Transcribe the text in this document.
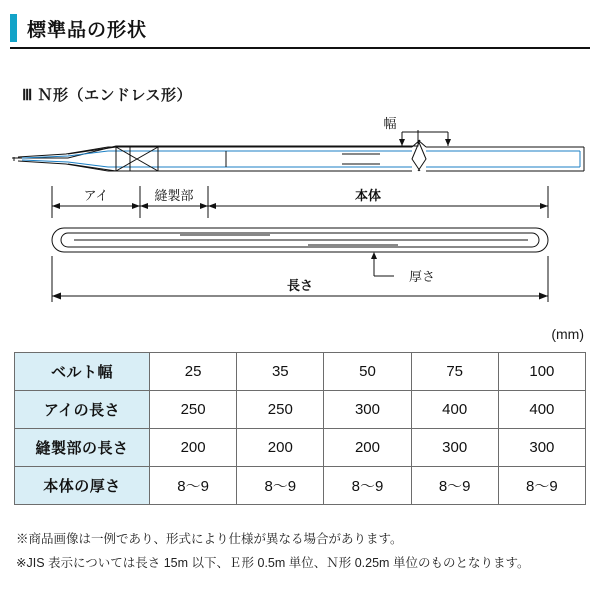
標準品の形状
Ⅲ Ｎ形（エンドレス形）
幅
アイ	縫製部	本体
厚さ
長さ
(mm)
ベルト幅	25	35	50	75	100
アイの長さ	250	250	300	400	400
縫製部の長さ	200	200	200	300	300
本体の厚さ	8～9	8～9	8～9	8～9	8～9
※商品画像は一例であり、形式により仕様が異なる場合があります。
※JIS 表示については長さ 15m 以下、Ｅ形 0.5m 単位、Ｎ形 0.25m 単位のものとなります。
